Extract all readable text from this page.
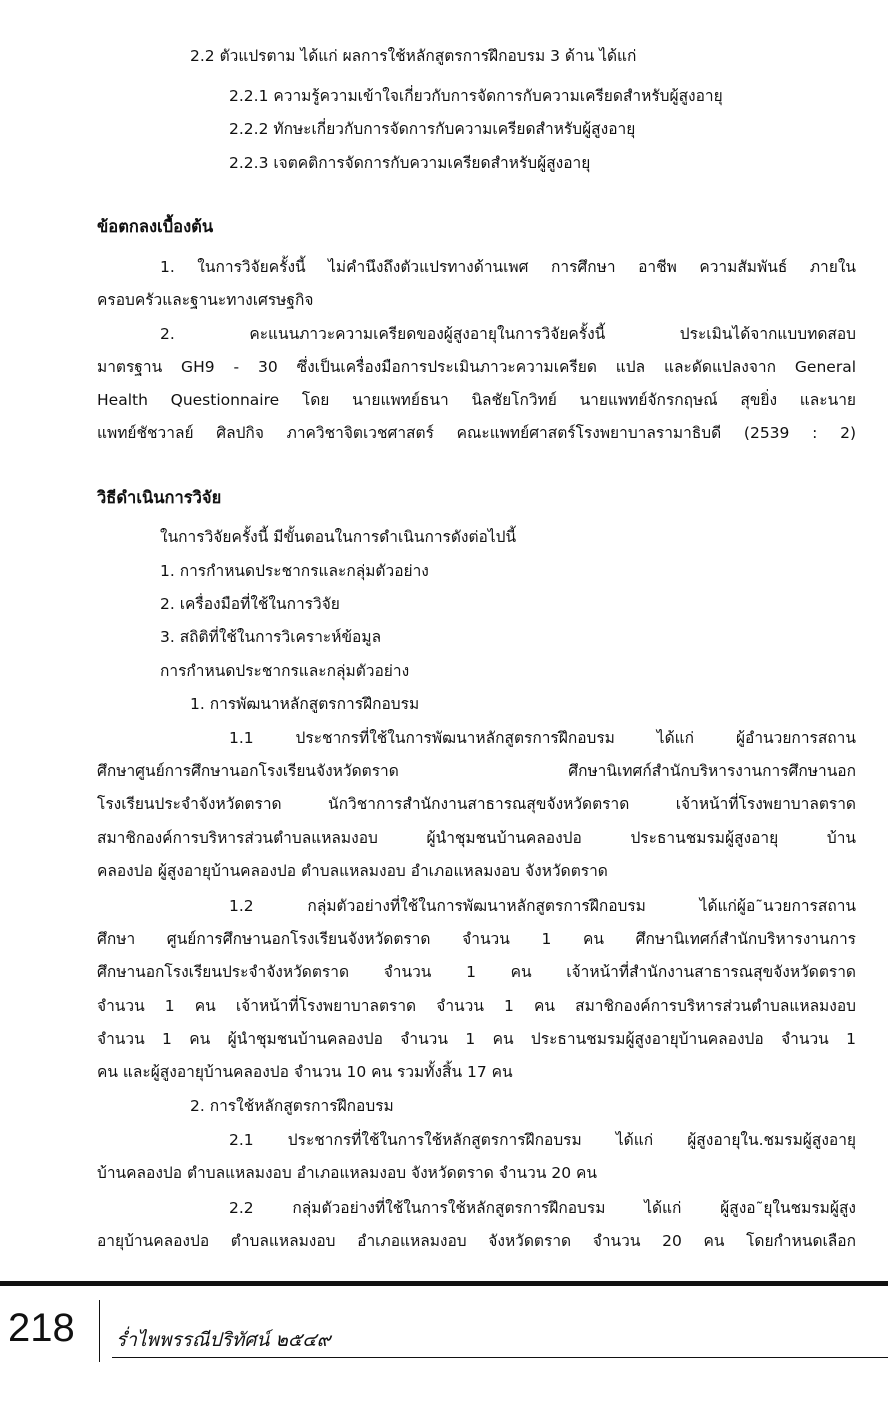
2.2 ตัวแปรตาม ได้แก่ ผลการใช้หลักสูตรการฝึกอบรม 3 ด้าน ได้แก่
2.2.1 ความรู้ความเข้าใจเกี่ยวกับการจัดการกับความเครียดสำหรับผู้สูงอายุ
2.2.2 ทักษะเกี่ยวกับการจัดการกับความเครียดสำหรับผู้สูงอายุ
2.2.3 เจตคติการจัดการกับความเครียดสำหรับผู้สูงอายุ
ข้อตกลงเบื้องต้น
1. ในการวิจัยครั้งนี้ ไม่คำนึงถึงตัวแปรทางด้านเพศ การศึกษา อาชีพ ความสัมพันธ์ ภายใน
ครอบครัวและฐานะทางเศรษฐกิจ
2. คะแนนภาวะความเครียดของผู้สูงอายุในการวิจัยครั้งนี้ ประเมินได้จากแบบทดสอบ
มาตรฐาน GH9 - 30 ซึ่งเป็นเครื่องมือการประเมินภาวะความเครียด แปล และดัดแปลงจาก General
Health Questionnaire โดย นายแพทย์ธนา นิลชัยโกวิทย์ นายแพทย์จักรกฤษณ์ สุขยิ่ง และนาย
แพทย์ชัชวาลย์ ศิลปกิจ ภาควิชาจิตเวชศาสตร์ คณะแพทย์ศาสตร์โรงพยาบาลรามาธิบดี (2539 : 2)
วิธีดำเนินการวิจัย
ในการวิจัยครั้งนี้ มีขั้นตอนในการดำเนินการดังต่อไปนี้
1. การกำหนดประชากรและกลุ่มตัวอย่าง
2. เครื่องมือที่ใช้ในการวิจัย
3. สถิติที่ใช้ในการวิเคราะห์ข้อมูล
การกำหนดประชากรและกลุ่มตัวอย่าง
1. การพัฒนาหลักสูตรการฝึกอบรม
1.1 ประชากรที่ใช้ในการพัฒนาหลักสูตรการฝึกอบรม ได้แก่ ผู้อำนวยการสถาน
ศึกษาศูนย์การศึกษานอกโรงเรียนจังหวัดตราด ศึกษานิเทศก์สำนักบริหารงานการศึกษานอก
โรงเรียนประจำจังหวัดตราด นักวิชาการสำนักงานสาธารณสุขจังหวัดตราด เจ้าหน้าที่โรงพยาบาลตราด
สมาชิกองค์การบริหารส่วนตำบลแหลมงอบ ผู้นำชุมชนบ้านคลองปอ ประธานชมรมผู้สูงอายุ บ้าน
คลองปอ ผู้สูงอายุบ้านคลองปอ ตำบลแหลมงอบ อำเภอแหลมงอบ จังหวัดตราด
1.2 กลุ่มตัวอย่างที่ใช้ในการพัฒนาหลักสูตรการฝึกอบรม ได้แก่ผู้อ˜นวยการสถาน
ศึกษา ศูนย์การศึกษานอกโรงเรียนจังหวัดตราด จำนวน 1 คน ศึกษานิเทศก์สำนักบริหารงานการ
ศึกษานอกโรงเรียนประจำจังหวัดตราด จำนวน 1 คน เจ้าหน้าที่สำนักงานสาธารณสุขจังหวัดตราด
จำนวน 1 คน เจ้าหน้าที่โรงพยาบาลตราด จำนวน 1 คน สมาชิกองค์การบริหารส่วนตำบลแหลมงอบ
จำนวน 1 คน ผู้นำชุมชนบ้านคลองปอ จำนวน 1 คน ประธานชมรมผู้สูงอายุบ้านคลองปอ จำนวน 1
คน และผู้สูงอายุบ้านคลองปอ จำนวน 10 คน รวมทั้งสิ้น 17 คน
2. การใช้หลักสูตรการฝึกอบรม
2.1 ประชากรที่ใช้ในการใช้หลักสูตรการฝึกอบรม ได้แก่ ผู้สูงอายุใน.ชมรมผู้สูงอายุ
บ้านคลองปอ ตำบลแหลมงอบ อำเภอแหลมงอบ จังหวัดตราด จำนวน 20 คน
2.2 กลุ่มตัวอย่างที่ใช้ในการใช้หลักสูตรการฝึกอบรม ได้แก่ ผู้สูงอ˜ยุในชมรมผู้สูง
อายุบ้านคลองปอ ตำบลแหลมงอบ อำเภอแหลมงอบ จังหวัดตราด จำนวน 20 คน โดยกำหนดเลือก
218 ร่ำไพพรรณีปริทัศน์ ๒๕๔๙
